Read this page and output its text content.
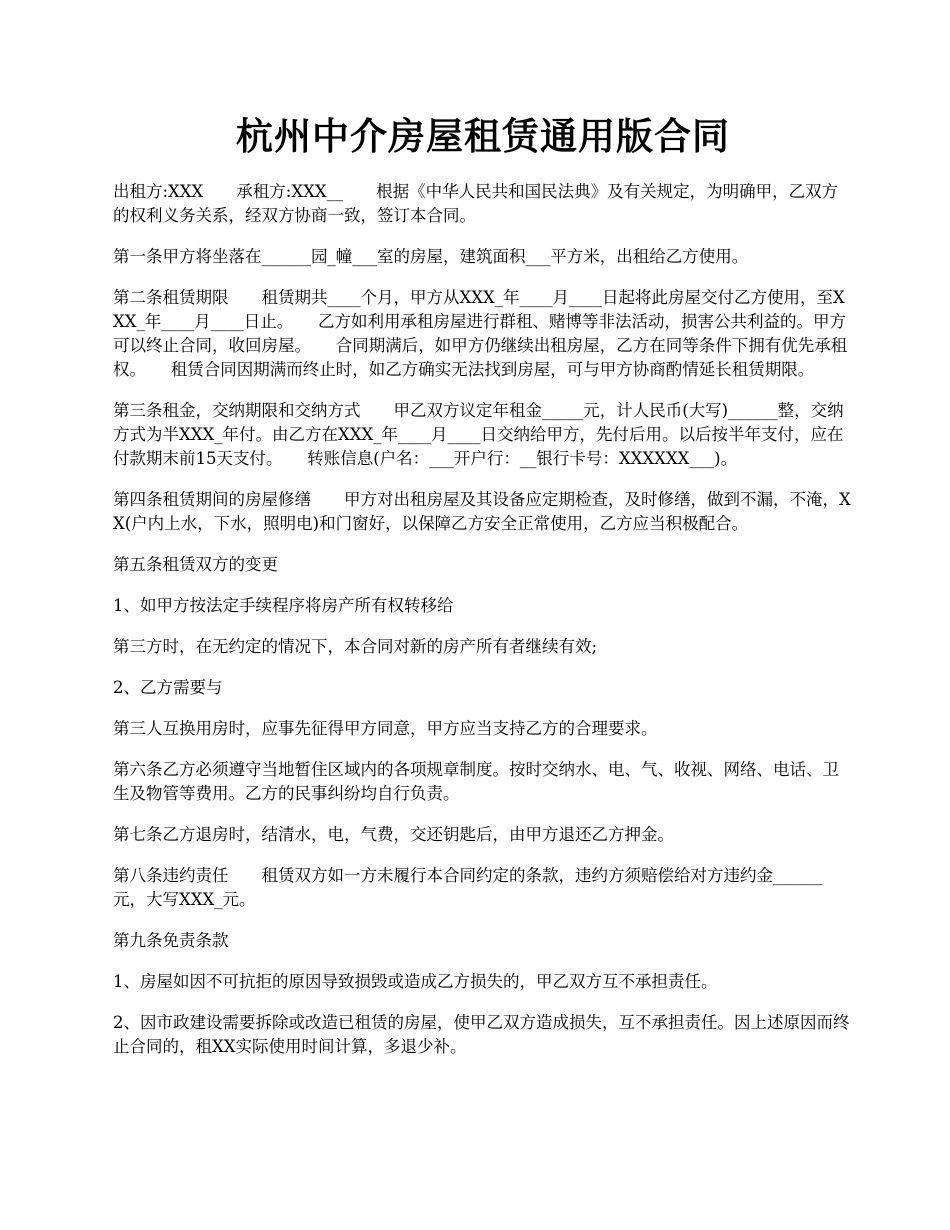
杭州中介房屋租赁通用版合同

出租方:XXX　　承租方:XXX__　　根据《中华人民共和国民法典》及有关规定，为明确甲，乙双方的权利义务关系，经双方协商一致，签订本合同。

第一条甲方将坐落在______园_幢___室的房屋，建筑面积___平方米，出租给乙方使用。

第二条租赁期限　　租赁期共____个月，甲方从XXX_年____月____日起将此房屋交付乙方使用，至XXX_年____月____日止。　　乙方如利用承租房屋进行群租、赌博等非法活动，损害公共利益的。甲方可以终止合同，收回房屋。　　合同期满后，如甲方仍继续出租房屋，乙方在同等条件下拥有优先承租权。　　租赁合同因期满而终止时，如乙方确实无法找到房屋，可与甲方协商酌情延长租赁期限。

第三条租金，交纳期限和交纳方式　　甲乙双方议定年租金_____元，计人民币(大写)______整，交纳方式为半XXX_年付。由乙方在XXX_年____月____日交纳给甲方，先付后用。以后按半年支付，应在付款期末前15天支付。　　转账信息(户名：___开户行：__银行卡号：XXXXXX___)。

第四条租赁期间的房屋修缮　　甲方对出租房屋及其设备应定期检查，及时修缮，做到不漏，不淹，XX(户内上水，下水，照明电)和门窗好，以保障乙方安全正常使用，乙方应当积极配合。

第五条租赁双方的变更

1、如甲方按法定手续程序将房产所有权转移给

第三方时，在无约定的情况下，本合同对新的房产所有者继续有效;

2、乙方需要与

第三人互换用房时，应事先征得甲方同意，甲方应当支持乙方的合理要求。

第六条乙方必须遵守当地暂住区域内的各项规章制度。按时交纳水、电、气、收视、网络、电话、卫生及物管等费用。乙方的民事纠纷均自行负责。

第七条乙方退房时，结清水，电，气费，交还钥匙后，由甲方退还乙方押金。

第八条违约责任　　租赁双方如一方未履行本合同约定的条款，违约方须赔偿给对方违约金______元，大写XXX_元。

第九条免责条款

1、房屋如因不可抗拒的原因导致损毁或造成乙方损失的，甲乙双方互不承担责任。

2、因市政建设需要拆除或改造已租赁的房屋，使甲乙双方造成损失，互不承担责任。因上述原因而终止合同的，租XX实际使用时间计算，多退少补。
